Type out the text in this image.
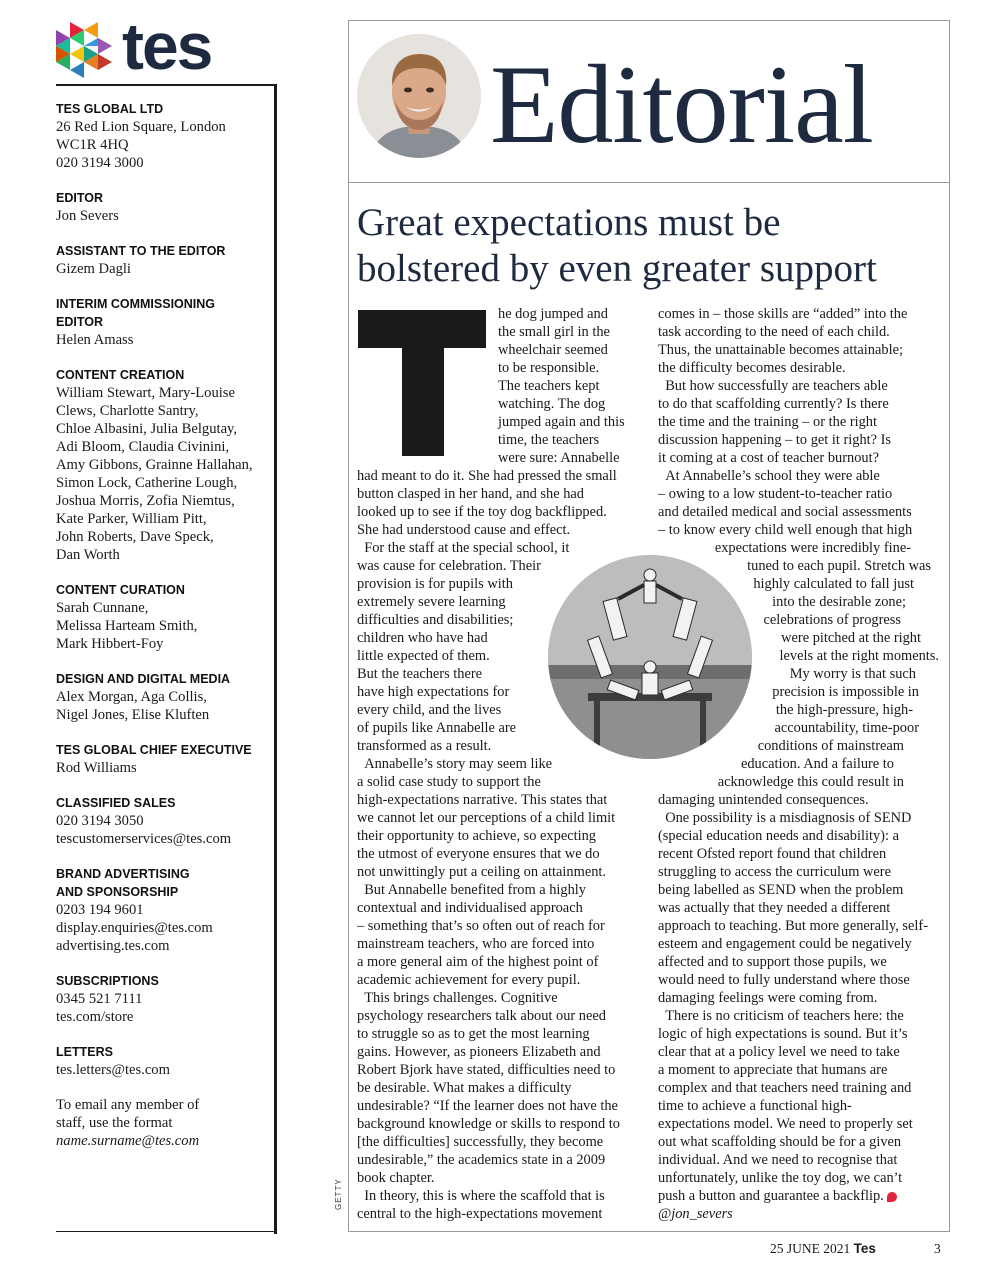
tes
TES GLOBAL LTD
26 Red Lion Square, London
WC1R 4HQ
020 3194 3000
EDITOR
Jon Severs
ASSISTANT TO THE EDITOR
Gizem Dagli
INTERIM COMMISSIONING
EDITOR
Helen Amass
CONTENT CREATION
William Stewart, Mary-Louise
Clews, Charlotte Santry,
Chloe Albasini, Julia Belgutay,
Adi Bloom, Claudia Civinini,
Amy Gibbons, Grainne Hallahan,
Simon Lock, Catherine Lough,
Joshua Morris, Zofia Niemtus,
Kate Parker, William Pitt,
John Roberts, Dave Speck,
Dan Worth
CONTENT CURATION
Sarah Cunnane,
Melissa Harteam Smith,
Mark Hibbert-Foy
DESIGN AND DIGITAL MEDIA
Alex Morgan, Aga Collis,
Nigel Jones, Elise Kluften
TES GLOBAL CHIEF EXECUTIVE
Rod Williams
CLASSIFIED SALES
020 3194 3050
tescustomerservices@tes.com
BRAND ADVERTISING
AND SPONSORSHIP
0203 194 9601
display.enquiries@tes.com
advertising.tes.com
SUBSCRIPTIONS
0345 521 7111
tes.com/store
LETTERS
tes.letters@tes.com
To email any member of
staff, use the format
name.surname@tes.com
GETTY
Editorial
Great expectations must be
bolstered by even greater support
he dog jumped and
the small girl in the
wheelchair seemed
to be responsible.
The teachers kept
watching. The dog
jumped again and this
time, the teachers
were sure: Annabelle
had meant to do it. She had pressed the small
button clasped in her hand, and she had
looked up to see if the toy dog backflipped.
She had understood cause and effect.
For the staff at the special school, it
was cause for celebration. Their
provision is for pupils with
extremely severe learning
difficulties and disabilities;
children who have had
little expected of them.
But the teachers there
have high expectations for
every child, and the lives
of pupils like Annabelle are
transformed as a result.
Annabelle’s story may seem like
a solid case study to support the
high-expectations narrative. This states that
we cannot let our perceptions of a child limit
their opportunity to achieve, so expecting
the utmost of everyone ensures that we do
not unwittingly put a ceiling on attainment.
But Annabelle benefited from a highly
contextual and individualised approach
– something that’s so often out of reach for
mainstream teachers, who are forced into
a more general aim of the highest point of
academic achievement for every pupil.
This brings challenges. Cognitive
psychology researchers talk about our need
to struggle so as to get the most learning
gains. However, as pioneers Elizabeth and
Robert Bjork have stated, difficulties need to
be desirable. What makes a difficulty
undesirable? “If the learner does not have the
background knowledge or skills to respond to
[the difficulties] successfully, they become
undesirable,” the academics state in a 2009
book chapter.
In theory, this is where the scaffold that is
central to the high-expectations movement
comes in – those skills are “added” into the
task according to the need of each child.
Thus, the unattainable becomes attainable;
the difficulty becomes desirable.
But how successfully are teachers able
to do that scaffolding currently? Is there
the time and the training – or the right
discussion happening – to get it right? Is
it coming at a cost of teacher burnout?
At Annabelle’s school they were able
– owing to a low student-to-teacher ratio
and detailed medical and social assessments
– to know every child well enough that high
expectations were incredibly fine-
tuned to each pupil. Stretch was
highly calculated to fall just
into the desirable zone;
celebrations of progress
were pitched at the right
levels at the right moments.
My worry is that such
precision is impossible in
the high-pressure, high-
accountability, time-poor
conditions of mainstream
education. And a failure to
acknowledge this could result in
damaging unintended consequences.
One possibility is a misdiagnosis of SEND
(special education needs and disability): a
recent Ofsted report found that children
struggling to access the curriculum were
being labelled as SEND when the problem
was actually that they needed a different
approach to teaching. But more generally, self-
esteem and engagement could be negatively
affected and to support those pupils, we
would need to fully understand where those
damaging feelings were coming from.
There is no criticism of teachers here: the
logic of high expectations is sound. But it’s
clear that at a policy level we need to take
a moment to appreciate that humans are
complex and that teachers need training and
time to achieve a functional high-
expectations model. We need to properly set
out what scaffolding should be for a given
individual. And we need to recognise that
unfortunately, unlike the toy dog, we can’t
push a button and guarantee a backflip.
@jon_severs
25 JUNE 2021 Tes	3
